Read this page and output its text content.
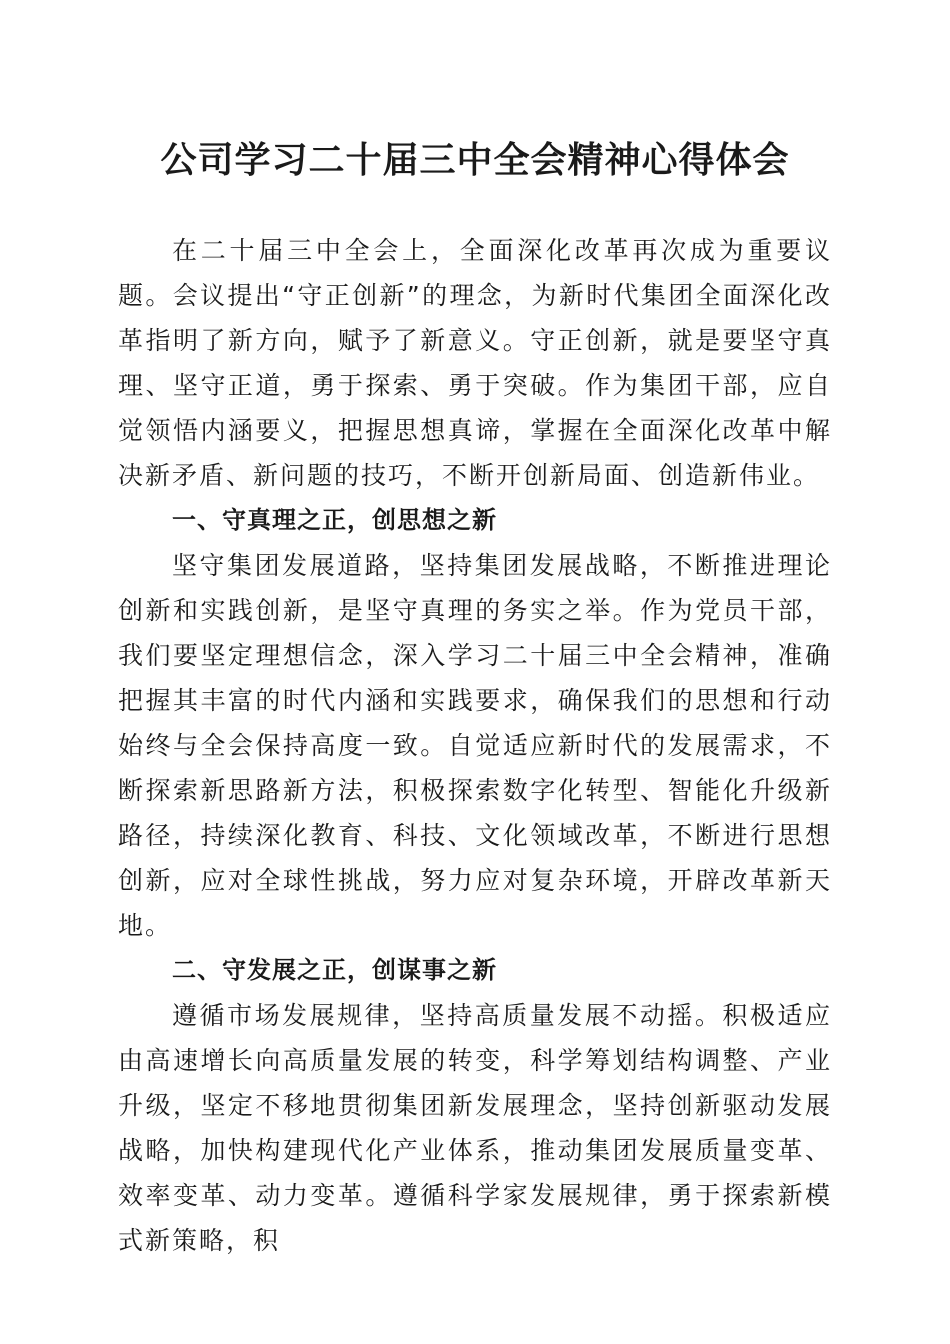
公司学习二十届三中全会精神心得体会

在二十届三中全会上，全面深化改革再次成为重要议题。会议提出“守正创新”的理念，为新时代集团全面深化改革指明了新方向，赋予了新意义。守正创新，就是要坚守真理、坚守正道，勇于探索、勇于突破。作为集团干部，应自觉领悟内涵要义，把握思想真谛，掌握在全面深化改革中解决新矛盾、新问题的技巧，不断开创新局面、创造新伟业。

一、守真理之正，创思想之新

坚守集团发展道路，坚持集团发展战略，不断推进理论创新和实践创新，是坚守真理的务实之举。作为党员干部，我们要坚定理想信念，深入学习二十届三中全会精神，准确把握其丰富的时代内涵和实践要求，确保我们的思想和行动始终与全会保持高度一致。自觉适应新时代的发展需求，不断探索新思路新方法，积极探索数字化转型、智能化升级新路径，持续深化教育、科技、文化领域改革，不断进行思想创新，应对全球性挑战，努力应对复杂环境，开辟改革新天地。

二、守发展之正，创谋事之新

遵循市场发展规律，坚持高质量发展不动摇。积极适应由高速增长向高质量发展的转变，科学筹划结构调整、产业升级，坚定不移地贯彻集团新发展理念，坚持创新驱动发展战略，加快构建现代化产业体系，推动集团发展质量变革、效率变革、动力变革。遵循科学家发展规律，勇于探索新模式新策略，积
